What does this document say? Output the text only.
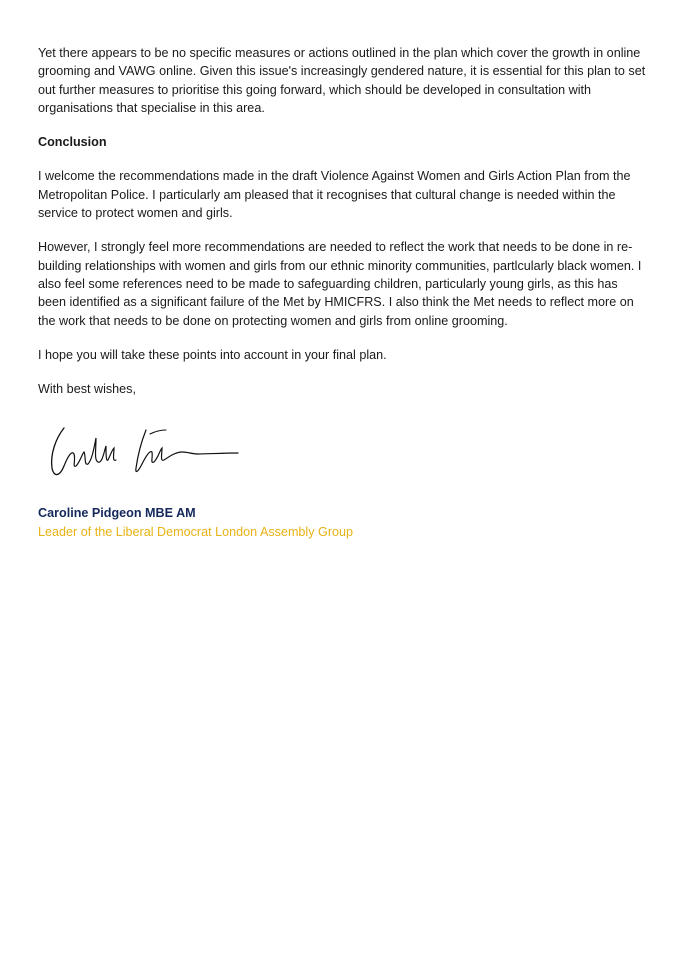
Yet there appears to be no specific measures or actions outlined in the plan which cover the growth in online grooming and VAWG online. Given this issue's increasingly gendered nature, it is essential for this plan to set out further measures to prioritise this going forward, which should be developed in consultation with organisations that specialise in this area.

Conclusion

I welcome the recommendations made in the draft Violence Against Women and Girls Action Plan from the Metropolitan Police. I particularly am pleased that it recognises that cultural change is needed within the service to protect women and girls.

However, I strongly feel more recommendations are needed to reflect the work that needs to be done in re-building relationships with women and girls from our ethnic minority communities, partlcularly black women. I also feel some references need to be made to safeguarding children, particularly young girls, as this has been identified as a significant failure of the Met by HMICFRS. I also think the Met needs to reflect more on the work that needs to be done on protecting women and girls from online grooming.

I hope you will take these points into account in your final plan.

With best wishes,

Caroline Pidgeon MBE AM

Leader of the Liberal Democrat London Assembly Group
